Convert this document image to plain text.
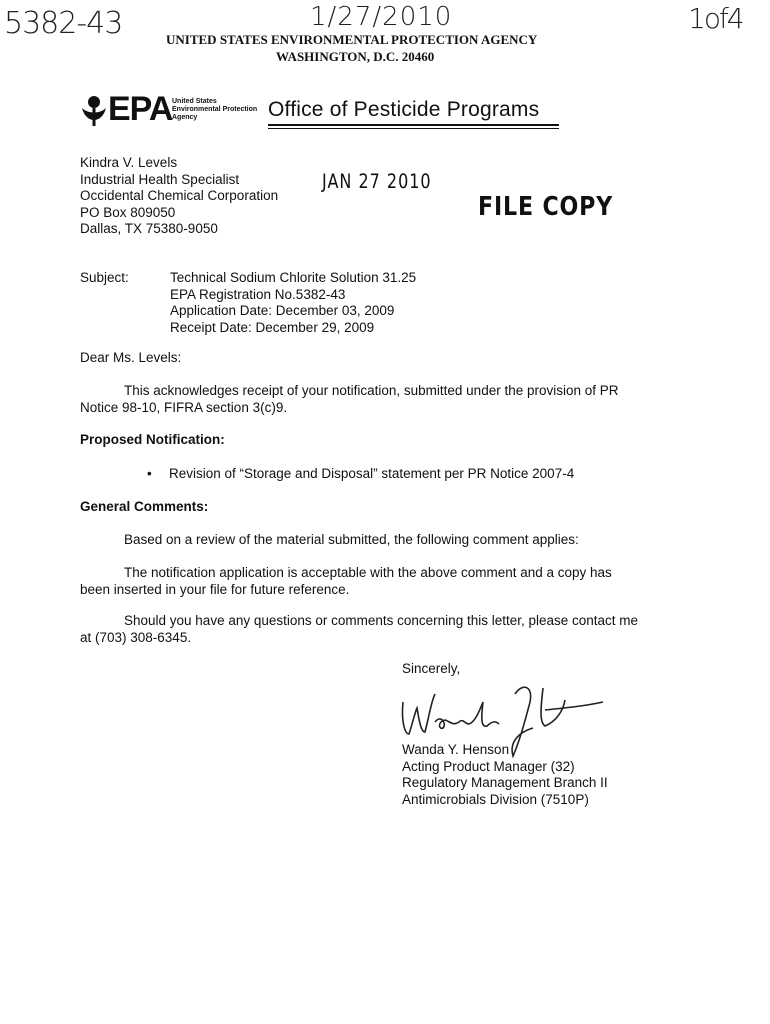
5382-43	1/27/2010	1of4
UNITED STATES ENVIRONMENTAL PROTECTION AGENCY
WASHINGTON, D.C. 20460
EPA United States
Environmental Protection
Agency	Office of Pesticide Programs
Kindra V. Levels
Industrial Health Specialist
Occidental Chemical Corporation
PO Box 809050
Dallas, TX 75380-9050
JAN 27 2010
FILE COPY
Subject:	Technical Sodium Chlorite Solution 31.25
EPA Registration No.5382-43
Application Date: December 03, 2009
Receipt Date: December 29, 2009
Dear Ms. Levels:
This acknowledges receipt of your notification, submitted under the provision of PR
Notice 98-10, FIFRA section 3(c)9.
Proposed Notification:
• Revision of “Storage and Disposal” statement per PR Notice 2007-4
General Comments:
Based on a review of the material submitted, the following comment applies:
The notification application is acceptable with the above comment and a copy has
been inserted in your file for future reference.
Should you have any questions or comments concerning this letter, please contact me
at (703) 308-6345.
Sincerely,
Wanda Y. Henson
Acting Product Manager (32)
Regulatory Management Branch II
Antimicrobials Division (7510P)
